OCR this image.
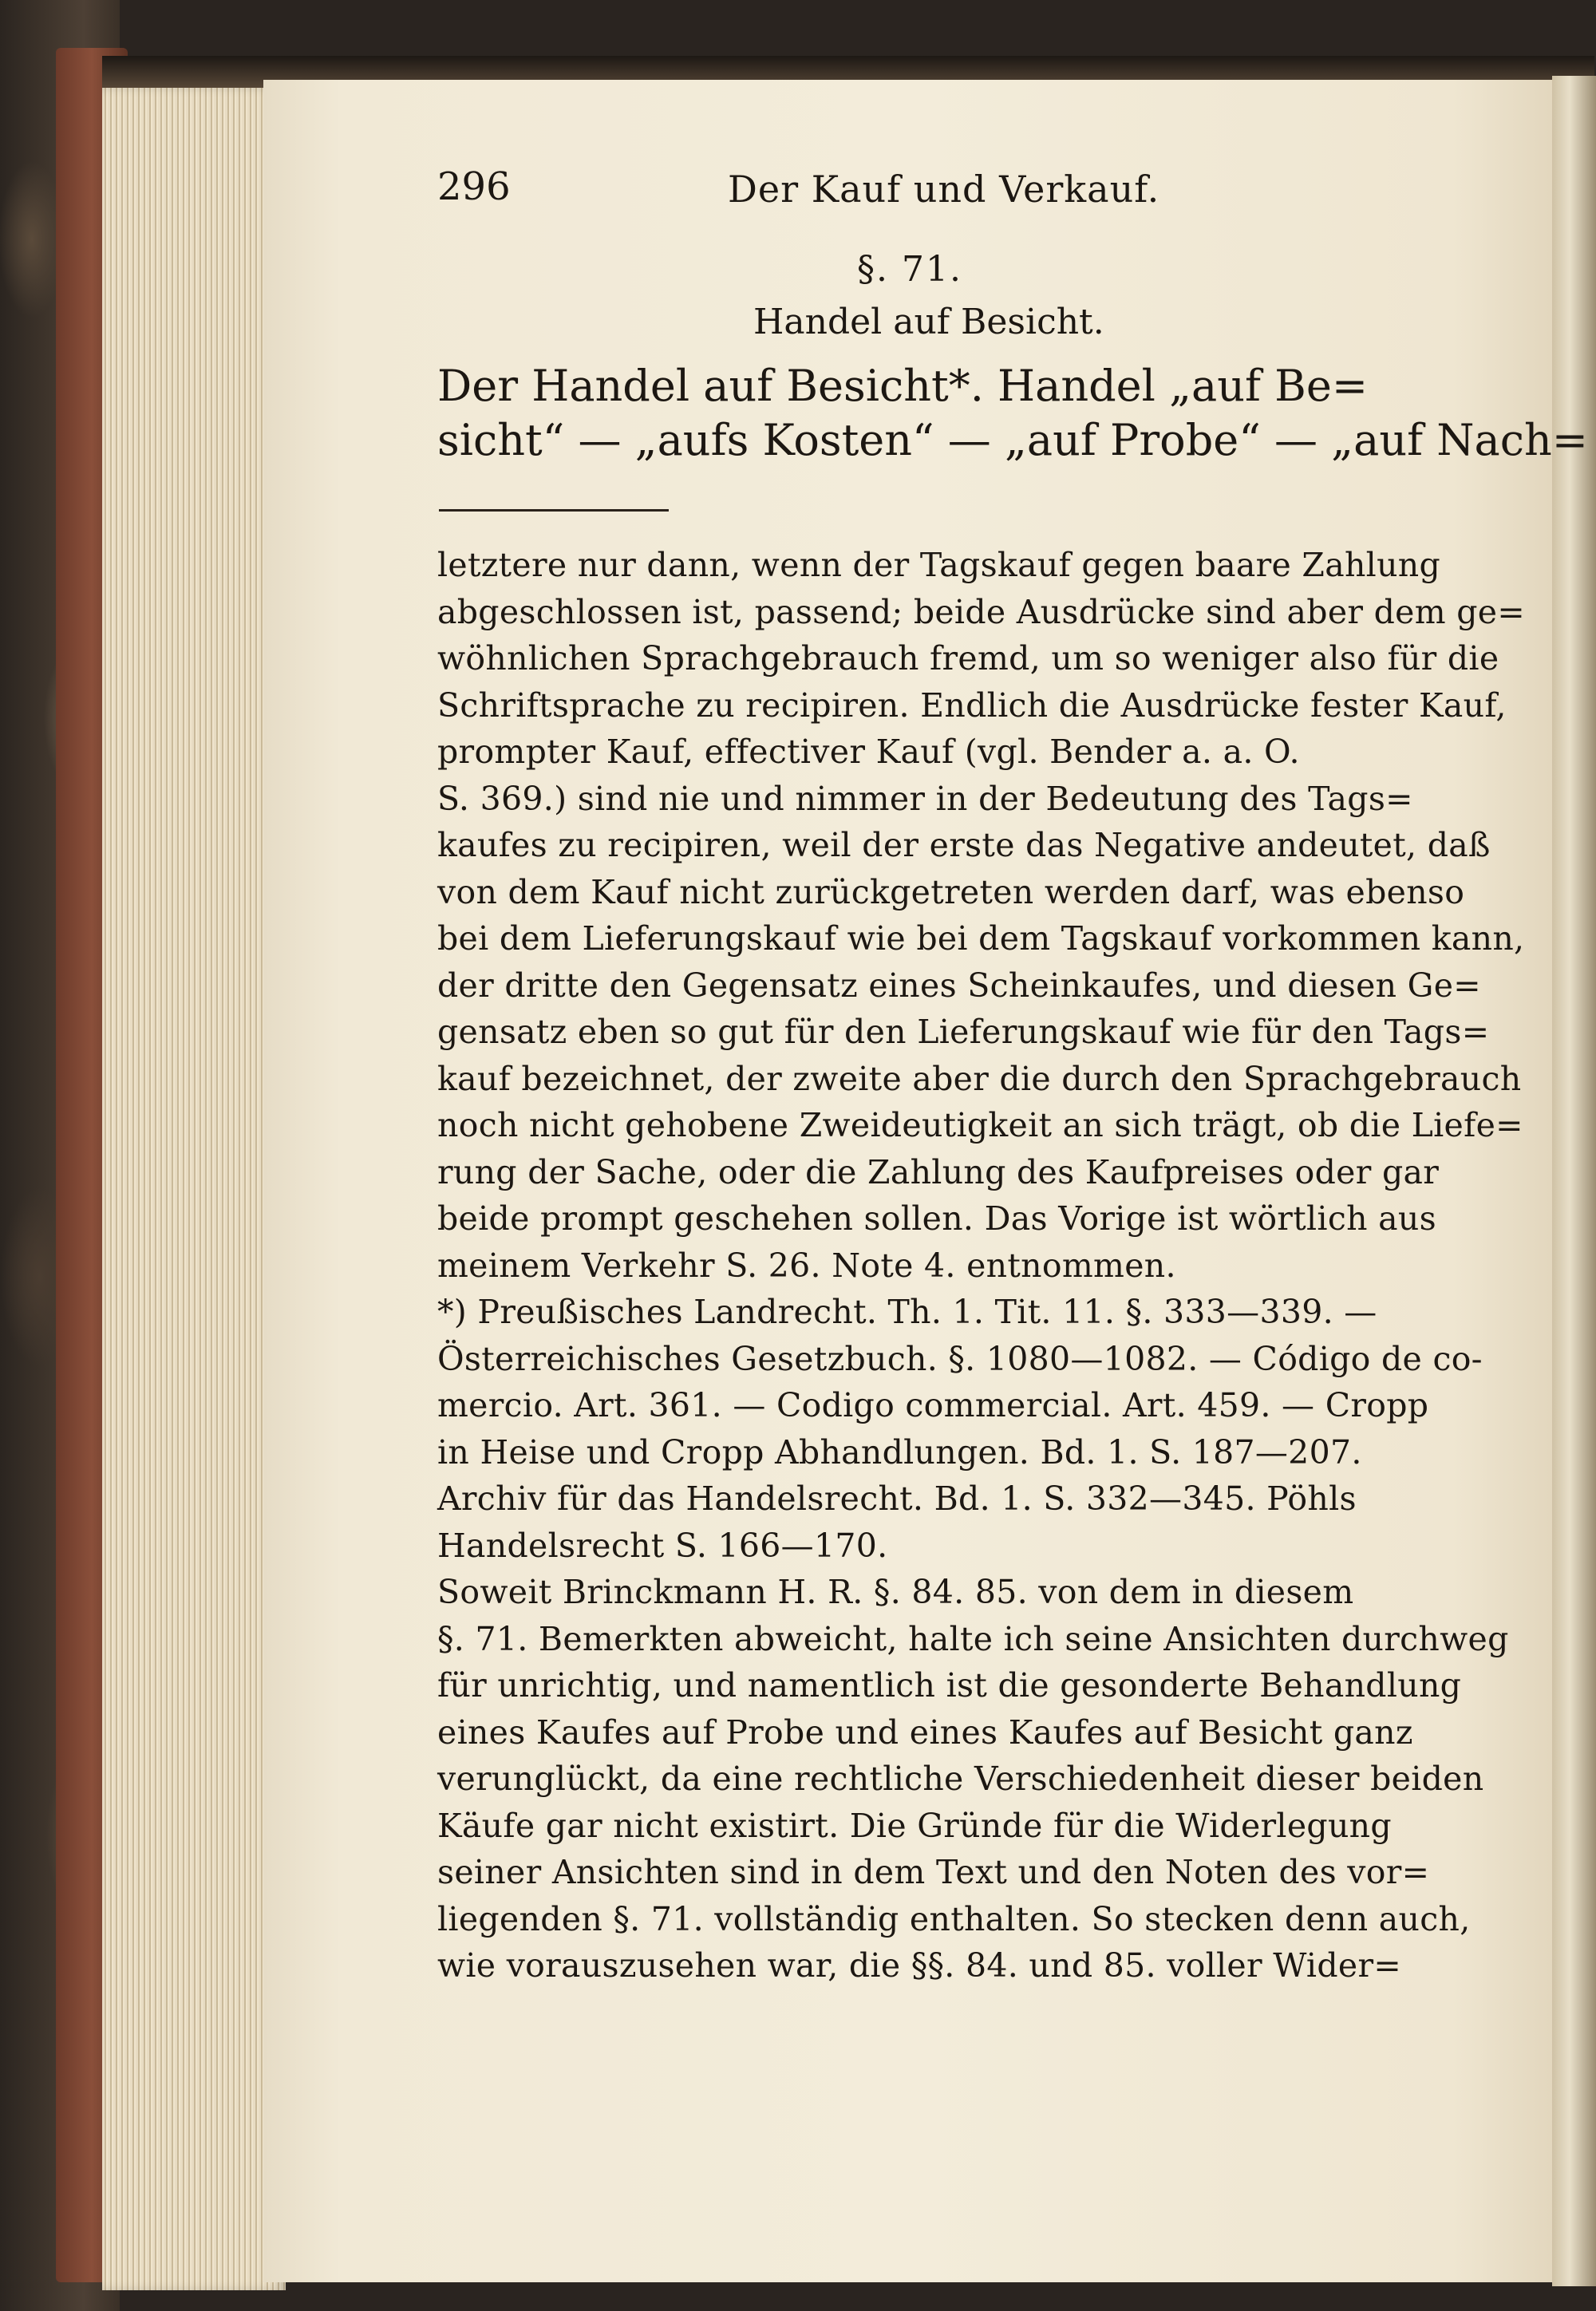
296	Der Kauf und Verkauf.
§. 71.
Handel auf Besicht.
Der Handel auf Besicht*. Handel „auf Be=
sicht“ — „aufs Kosten“ — „auf Probe“ — „auf Nach=
letztere nur dann, wenn der Tagskauf gegen baare Zahlung
abgeschlossen ist, passend; beide Ausdrücke sind aber dem ge=
wöhnlichen Sprachgebrauch fremd, um so weniger also für die
Schriftsprache zu recipiren. Endlich die Ausdrücke fester Kauf,
prompter Kauf, effectiver Kauf (vgl. Bender a. a. O.
S. 369.) sind nie und nimmer in der Bedeutung des Tags=
kaufes zu recipiren, weil der erste das Negative andeutet, daß
von dem Kauf nicht zurückgetreten werden darf, was ebenso
bei dem Lieferungskauf wie bei dem Tagskauf vorkommen kann,
der dritte den Gegensatz eines Scheinkaufes, und diesen Ge=
gensatz eben so gut für den Lieferungskauf wie für den Tags=
kauf bezeichnet, der zweite aber die durch den Sprachgebrauch
noch nicht gehobene Zweideutigkeit an sich trägt, ob die Liefe=
rung der Sache, oder die Zahlung des Kaufpreises oder gar
beide prompt geschehen sollen. Das Vorige ist wörtlich aus
meinem Verkehr S. 26. Note 4. entnommen.
*) Preußisches Landrecht. Th. 1. Tit. 11. §. 333—339. —
Österreichisches Gesetzbuch. §. 1080—1082. — Código de co-
mercio. Art. 361. — Codigo commercial. Art. 459. — Cropp
in Heise und Cropp Abhandlungen. Bd. 1. S. 187—207.
Archiv für das Handelsrecht. Bd. 1. S. 332—345. Pöhls
Handelsrecht S. 166—170.
Soweit Brinckmann H. R. §. 84. 85. von dem in diesem
§. 71. Bemerkten abweicht, halte ich seine Ansichten durchweg
für unrichtig, und namentlich ist die gesonderte Behandlung
eines Kaufes auf Probe und eines Kaufes auf Besicht ganz
verunglückt, da eine rechtliche Verschiedenheit dieser beiden
Käufe gar nicht existirt. Die Gründe für die Widerlegung
seiner Ansichten sind in dem Text und den Noten des vor=
liegenden §. 71. vollständig enthalten. So stecken denn auch,
wie vorauszusehen war, die §§. 84. und 85. voller Wider=
